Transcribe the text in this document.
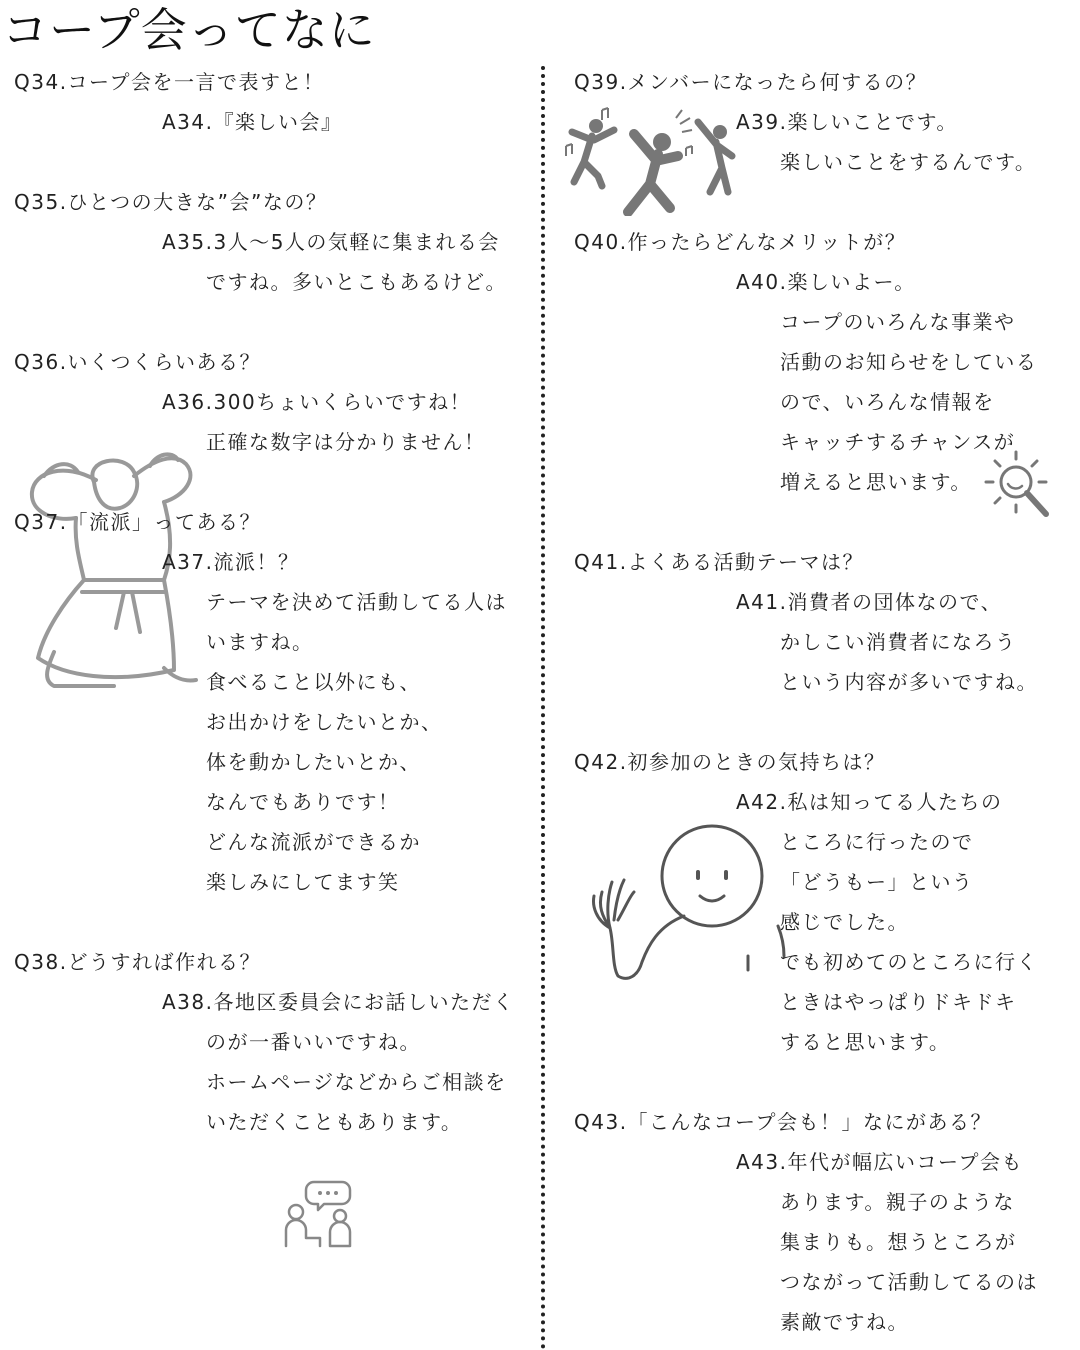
コープ会ってなに
Q34.コープ会を一言で表すと！
A34.『楽しい会』
Q35.ひとつの大きな”会”なの？
A35.3人～5人の気軽に集まれる会
ですね。多いとこもあるけど。
Q36.いくつくらいある？
A36.300ちょいくらいですね！
正確な数字は分かりません！
Q37.「流派」ってある？
A37.流派！？
テーマを決めて活動してる人は
いますね。
食べること以外にも、
お出かけをしたいとか、
体を動かしたいとか、
なんでもありです！
どんな流派ができるか
楽しみにしてます笑
Q38.どうすれば作れる？
A38.各地区委員会にお話しいただく
のが一番いいですね。
ホームページなどからご相談を
いただくこともあります。
Q39.メンバーになったら何するの？
A39.楽しいことです。
楽しいことをするんです。
Q40.作ったらどんなメリットが？
A40.楽しいよー。
コープのいろんな事業や
活動のお知らせをしている
ので、いろんな情報を
キャッチするチャンスが
増えると思います。
Q41.よくある活動テーマは？
A41.消費者の団体なので、
かしこい消費者になろう
という内容が多いですね。
Q42.初参加のときの気持ちは？
A42.私は知ってる人たちの
ところに行ったので
「どうもー」という
感じでした。
でも初めてのところに行く
ときはやっぱりドキドキ
すると思います。
Q43.「こんなコープ会も！」なにがある？
A43.年代が幅広いコープ会も
あります。親子のような
集まりも。想うところが
つながって活動してるのは
素敵ですね。
